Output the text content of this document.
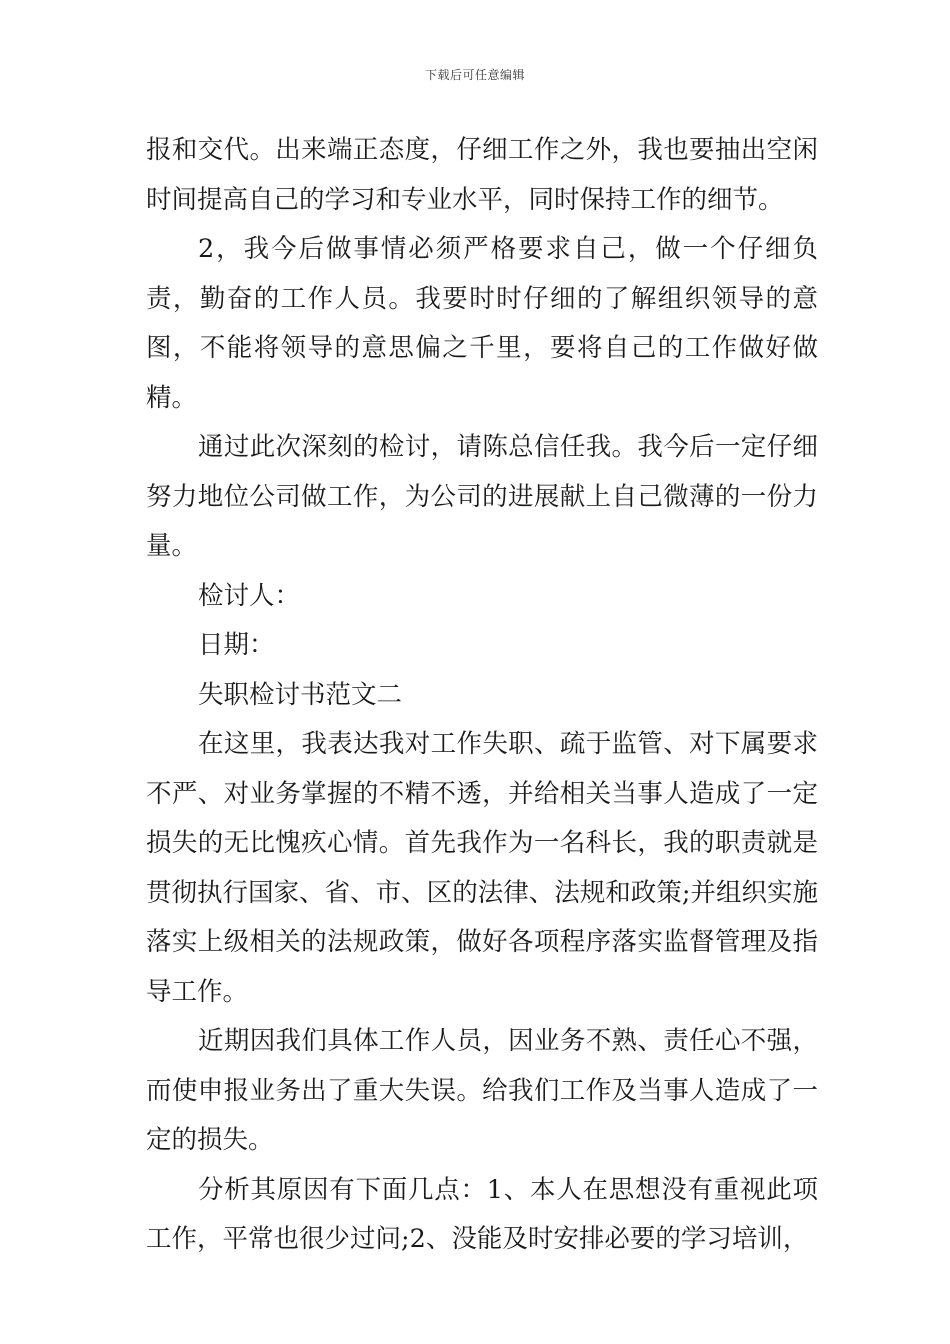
下载后可任意编辑

报和交代。出来端正态度，仔细工作之外，我也要抽出空闲时间提高自己的学习和专业水平，同时保持工作的细节。

2，我今后做事情必须严格要求自己，做一个仔细负责，勤奋的工作人员。我要时时仔细的了解组织领导的意图，不能将领导的意思偏之千里，要将自己的工作做好做精。

通过此次深刻的检讨，请陈总信任我。我今后一定仔细努力地位公司做工作，为公司的进展献上自己微薄的一份力量。

检讨人：

日期：

失职检讨书范文二

在这里，我表达我对工作失职、疏于监管、对下属要求不严、对业务掌握的不精不透，并给相关当事人造成了一定损失的无比愧疚心情。首先我作为一名科长，我的职责就是贯彻执行国家、省、市、区的法律、法规和政策;并组织实施落实上级相关的法规政策，做好各项程序落实监督管理及指导工作。

近期因我们具体工作人员，因业务不熟、责任心不强，而使申报业务出了重大失误。给我们工作及当事人造成了一定的损失。

分析其原因有下面几点：1、本人在思想没有重视此项工作，平常也很少过问;2、没能及时安排必要的学习培训，
